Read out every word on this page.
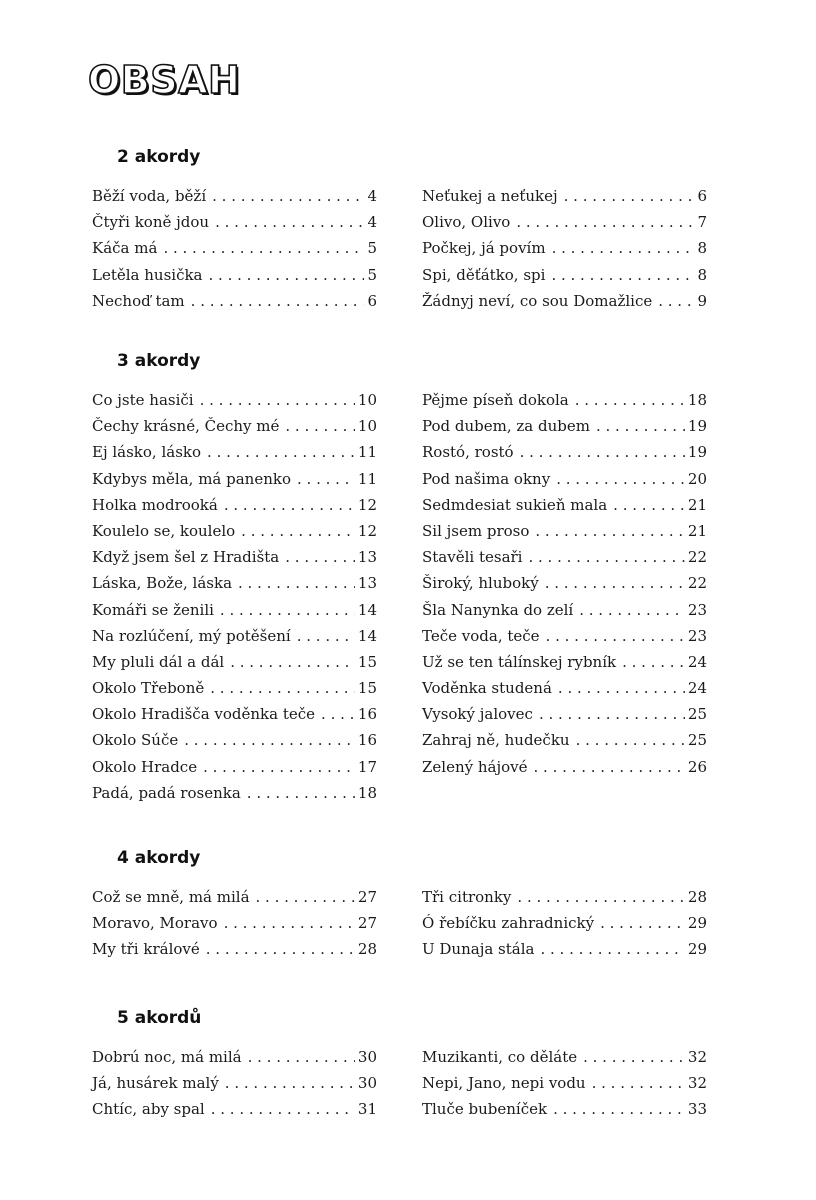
OBSAH
2 akordy
Běží voda, běží . . .	4
Čtyři koně jdou . . .	4
Káča má . . .	5
Letěla husička . . .	5
Nechoď tam . . .	6
Neťukej a neťukej . . .	6
Olivo, Olivo . . .	7
Počkej, já povím . . .	8
Spi, děťátko, spi . . .	8
Žádnyj neví, co sou Domažlice . . .	9
3 akordy
Co jste hasiči . . .	10
Čechy krásné, Čechy mé . . .	10
Ej lásko, lásko . . .	11
Kdybys měla, má panenko . . .	11
Holka modrooká . . .	12
Koulelo se, koulelo . . .	12
Když jsem šel z Hradišta . . .	13
Láska, Bože, láska . . .	13
Komáři se ženili . . .	14
Na rozlúčení, mý potěšení . . .	14
My pluli dál a dál . . .	15
Okolo Třeboně . . .	15
Okolo Hradišča voděnka teče . . .	16
Okolo Súče . . .	16
Okolo Hradce . . .	17
Padá, padá rosenka . . .	18
Pějme píseň dokola . . .	18
Pod dubem, za dubem . . .	19
Rostó, rostó . . .	19
Pod našima okny . . .	20
Sedmdesiat sukieň mala . . .	21
Sil jsem proso . . .	21
Stavěli tesaři . . .	22
Široký, hluboký . . .	22
Šla Nanynka do zelí . . .	23
Teče voda, teče . . .	23
Už se ten tálínskej rybník . . .	24
Voděnka studená . . .	24
Vysoký jalovec . . .	25
Zahraj ně, hudečku . . .	25
Zelený hájové . . .	26
4 akordy
Což se mně, má milá . . .	27
Moravo, Moravo . . .	27
My tři králové . . .	28
Tři citronky . . .	28
Ó řebíčku zahradnický . . .	29
U Dunaja stála . . .	29
5 akordů
Dobrú noc, má milá . . .	30
Já, husárek malý . . .	30
Chtíc, aby spal . . .	31
Muzikanti, co děláte . . .	32
Nepi, Jano, nepi vodu . . .	32
Tluče bubeníček . . .	33
